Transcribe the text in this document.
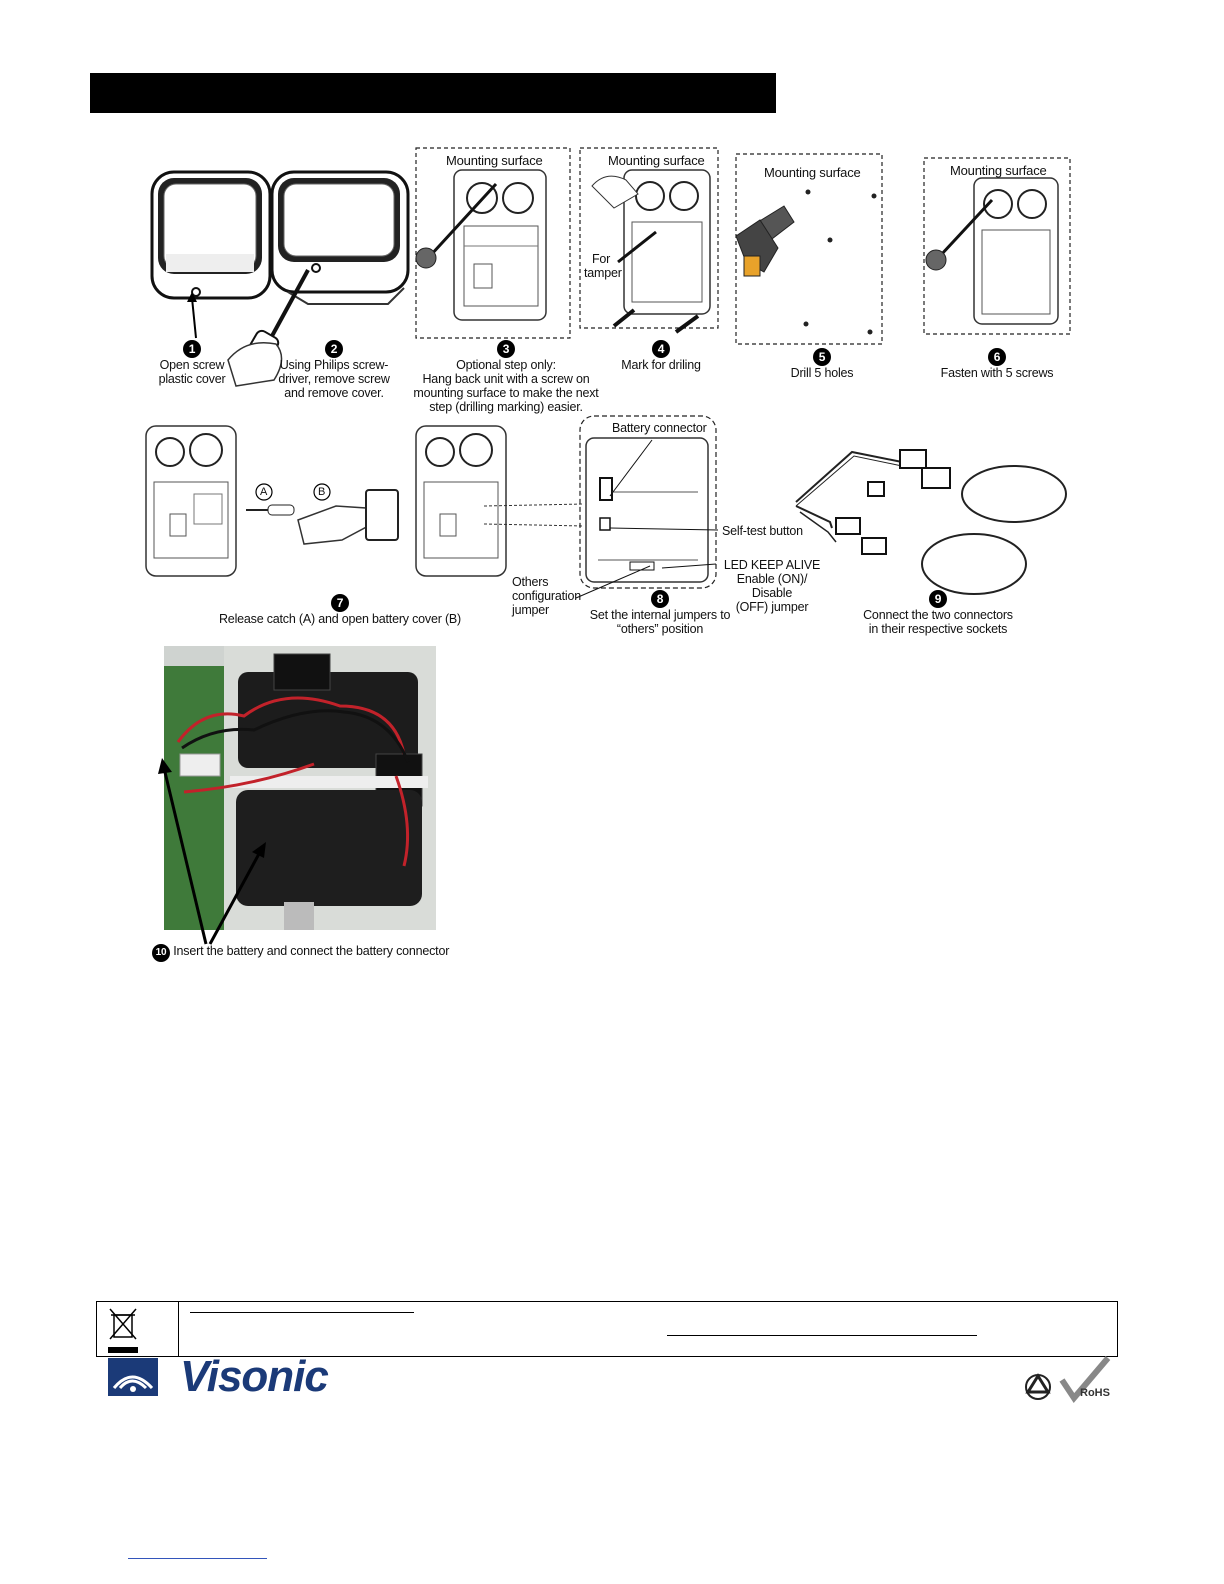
Mounting surface	Mounting surface
For
tamper
Mounting surface	Mounting surface
1
Open screw
plastic cover
2
Using Philips screw-
driver, remove screw
and remove cover.
3
Optional step only:
Hang back unit with a screw on
mounting surface to make the next
step (drilling marking) easier.
4
Mark for driling
5
Drill 5 holes
6
Fasten with 5 screws
A	B
Battery connector
Self-test button
LED KEEP ALIVE
Enable (ON)/ Disable
(OFF) jumper
Others
configuration
jumper
7
Release catch (A) and open battery cover (B)
8
Set the internal jumpers to
“others” position
9
Connect the two connectors
in their respective sockets
10 Insert the battery and connect the battery connector
Visonic	RoHS
